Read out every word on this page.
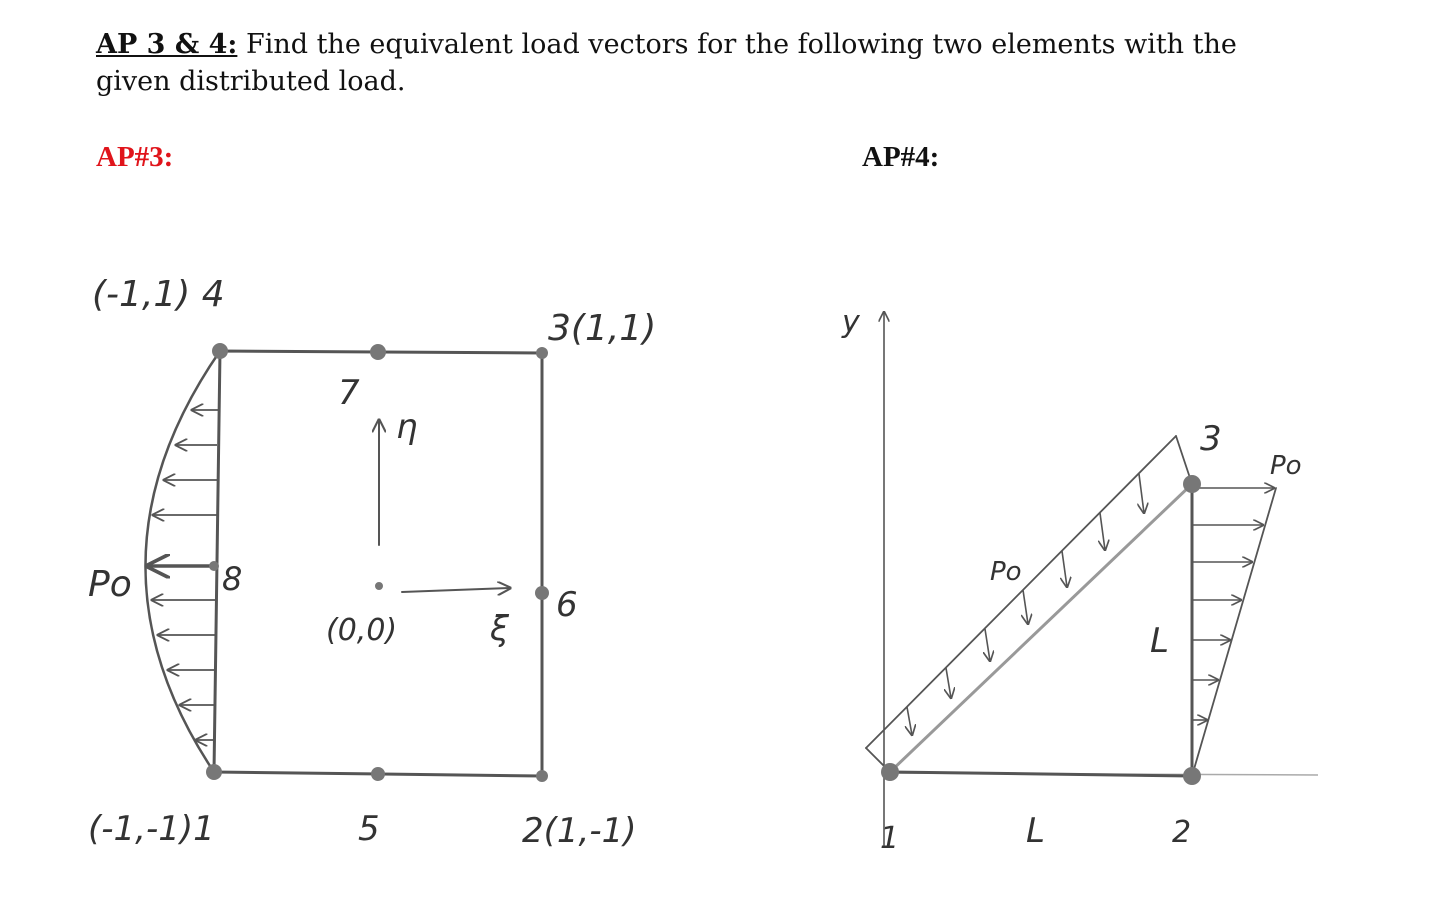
AP 3 & 4: Find the equivalent load vectors for the following two elements with the given distributed load.
AP#3:	AP#4:
(-1,1) 4
3(1,1)
(-1,-1)1	5	2(1,-1)
6
7
8
(0,0)
η
ξ
Po
y
1	2
3
L
L
Po
Po
